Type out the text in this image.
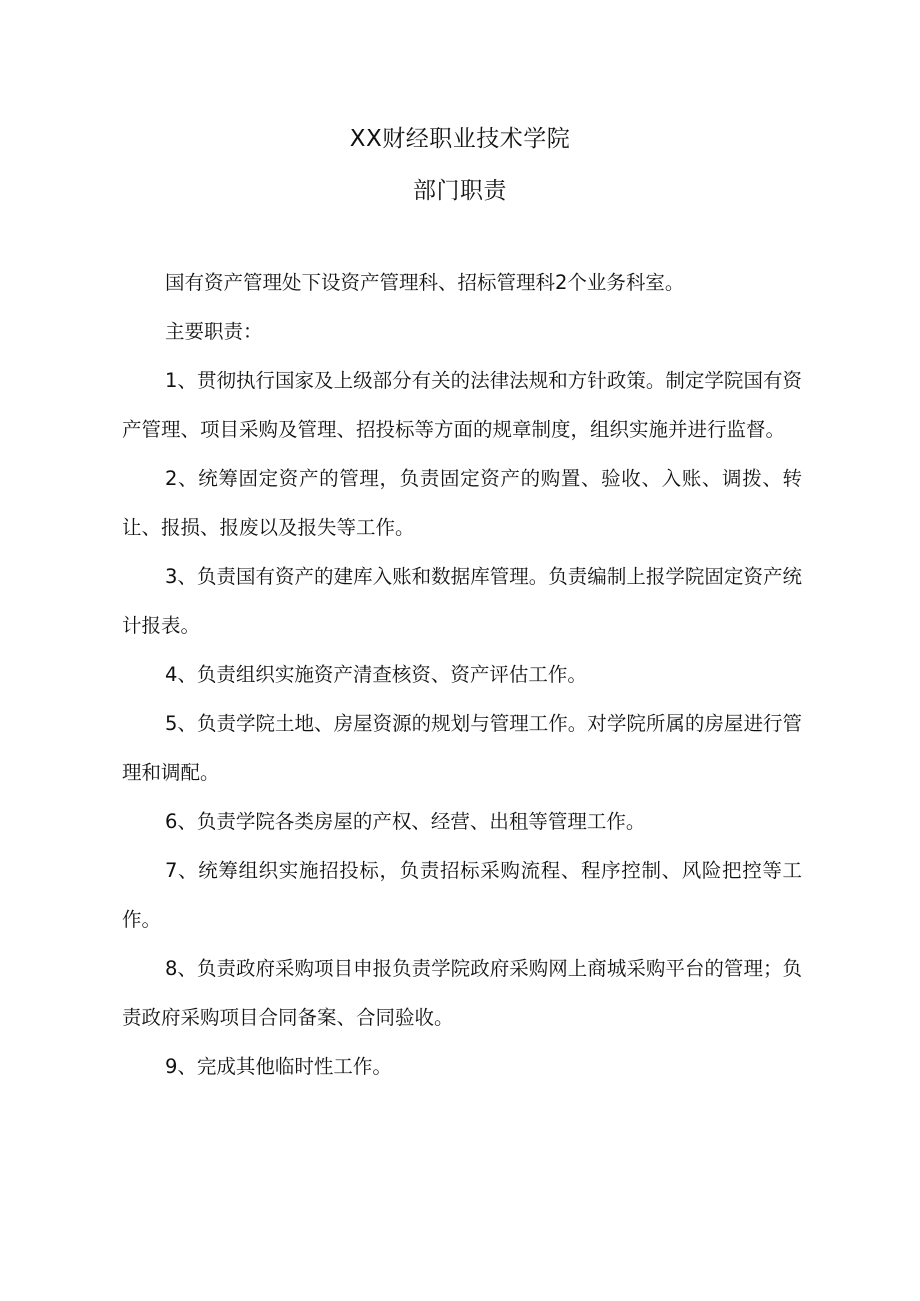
XX财经职业技术学院
部门职责

国有资产管理处下设资产管理科、招标管理科2个业务科室。

主要职责：

1、贯彻执行国家及上级部分有关的法律法规和方针政策。制定学院国有资产管理、项目采购及管理、招投标等方面的规章制度，组织实施并进行监督。

2、统筹固定资产的管理，负责固定资产的购置、验收、入账、调拨、转让、报损、报废以及报失等工作。

3、负责国有资产的建库入账和数据库管理。负责编制上报学院固定资产统计报表。

4、负责组织实施资产清查核资、资产评估工作。

5、负责学院土地、房屋资源的规划与管理工作。对学院所属的房屋进行管理和调配。

6、负责学院各类房屋的产权、经营、出租等管理工作。

7、统筹组织实施招投标，负责招标采购流程、程序控制、风险把控等工作。

8、负责政府采购项目申报负责学院政府采购网上商城采购平台的管理；负责政府采购项目合同备案、合同验收。

9、完成其他临时性工作。
